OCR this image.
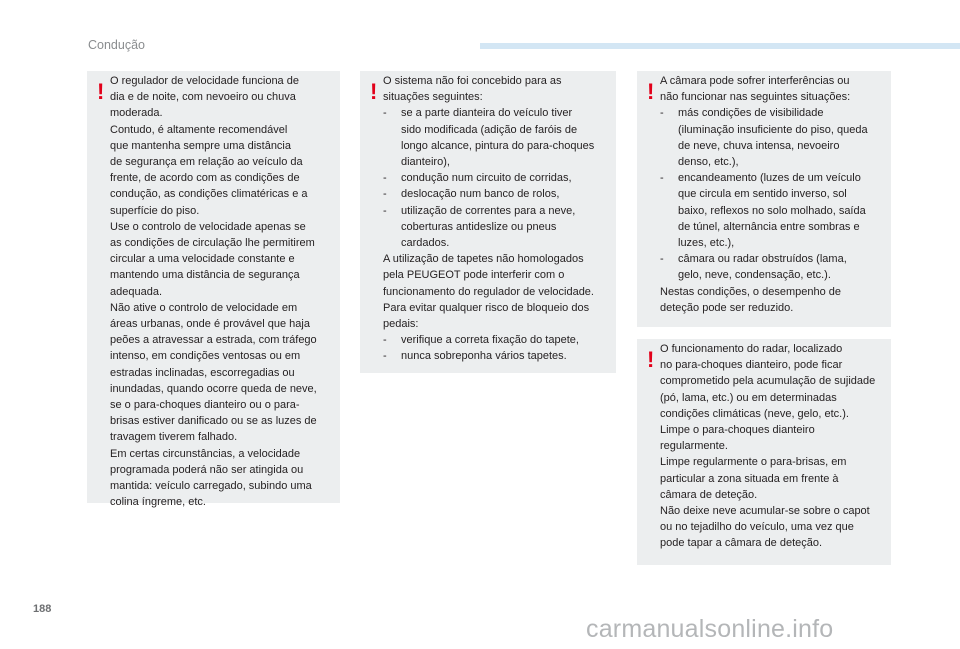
Condução
! O regulador de velocidade funciona de

dia e de noite, com nevoeiro ou chuva

moderada.

Contudo, é altamente recomendável

que mantenha sempre uma distância

de segurança em relação ao veículo da

frente, de acordo com as condições de

condução, as condições climatéricas e a

superfície do piso.

Use o controlo de velocidade apenas se

as condições de circulação lhe permitirem

circular a uma velocidade constante e

mantendo uma distância de segurança

adequada.

Não ative o controlo de velocidade em

áreas urbanas, onde é provável que haja

peões a atravessar a estrada, com tráfego

intenso, em condições ventosas ou em

estradas inclinadas, escorregadias ou

inundadas, quando ocorre queda de neve,

se o para-choques dianteiro ou o para-

brisas estiver danificado ou se as luzes de

travagem tiverem falhado.

Em certas circunstâncias, a velocidade

programada poderá não ser atingida ou

mantida: veículo carregado, subindo uma

colina íngreme, etc.

! O sistema não foi concebido para as

situações seguintes:

- se a parte dianteira do veículo tiver

sido modificada (adição de faróis de

longo alcance, pintura do para-choques

dianteiro),

- condução num circuito de corridas,

- deslocação num banco de rolos,

- utilização de correntes para a neve,

coberturas antideslize ou pneus

cardados.

A utilização de tapetes não homologados

pela PEUGEOT pode interferir com o

funcionamento do regulador de velocidade.

Para evitar qualquer risco de bloqueio dos

pedais:

- verifique a correta fixação do tapete,

- nunca sobreponha vários tapetes.

! A câmara pode sofrer interferências ou

não funcionar nas seguintes situações:

- más condições de visibilidade

(iluminação insuficiente do piso, queda

de neve, chuva intensa, nevoeiro

denso, etc.),

- encandeamento (luzes de um veículo

que circula em sentido inverso, sol

baixo, reflexos no solo molhado, saída

de túnel, alternância entre sombras e

luzes, etc.),

- câmara ou radar obstruídos (lama,

gelo, neve, condensação, etc.).

Nestas condições, o desempenho de

deteção pode ser reduzido.

! O funcionamento do radar, localizado

no para-choques dianteiro, pode ficar

comprometido pela acumulação de sujidade

(pó, lama, etc.) ou em determinadas

condições climáticas (neve, gelo, etc.).

Limpe o para-choques dianteiro

regularmente.

Limpe regularmente o para-brisas, em

particular a zona situada em frente à

câmara de deteção.

Não deixe neve acumular-se sobre o capot

ou no tejadilho do veículo, uma vez que

pode tapar a câmara de deteção.

188
carmanualsonline.info
